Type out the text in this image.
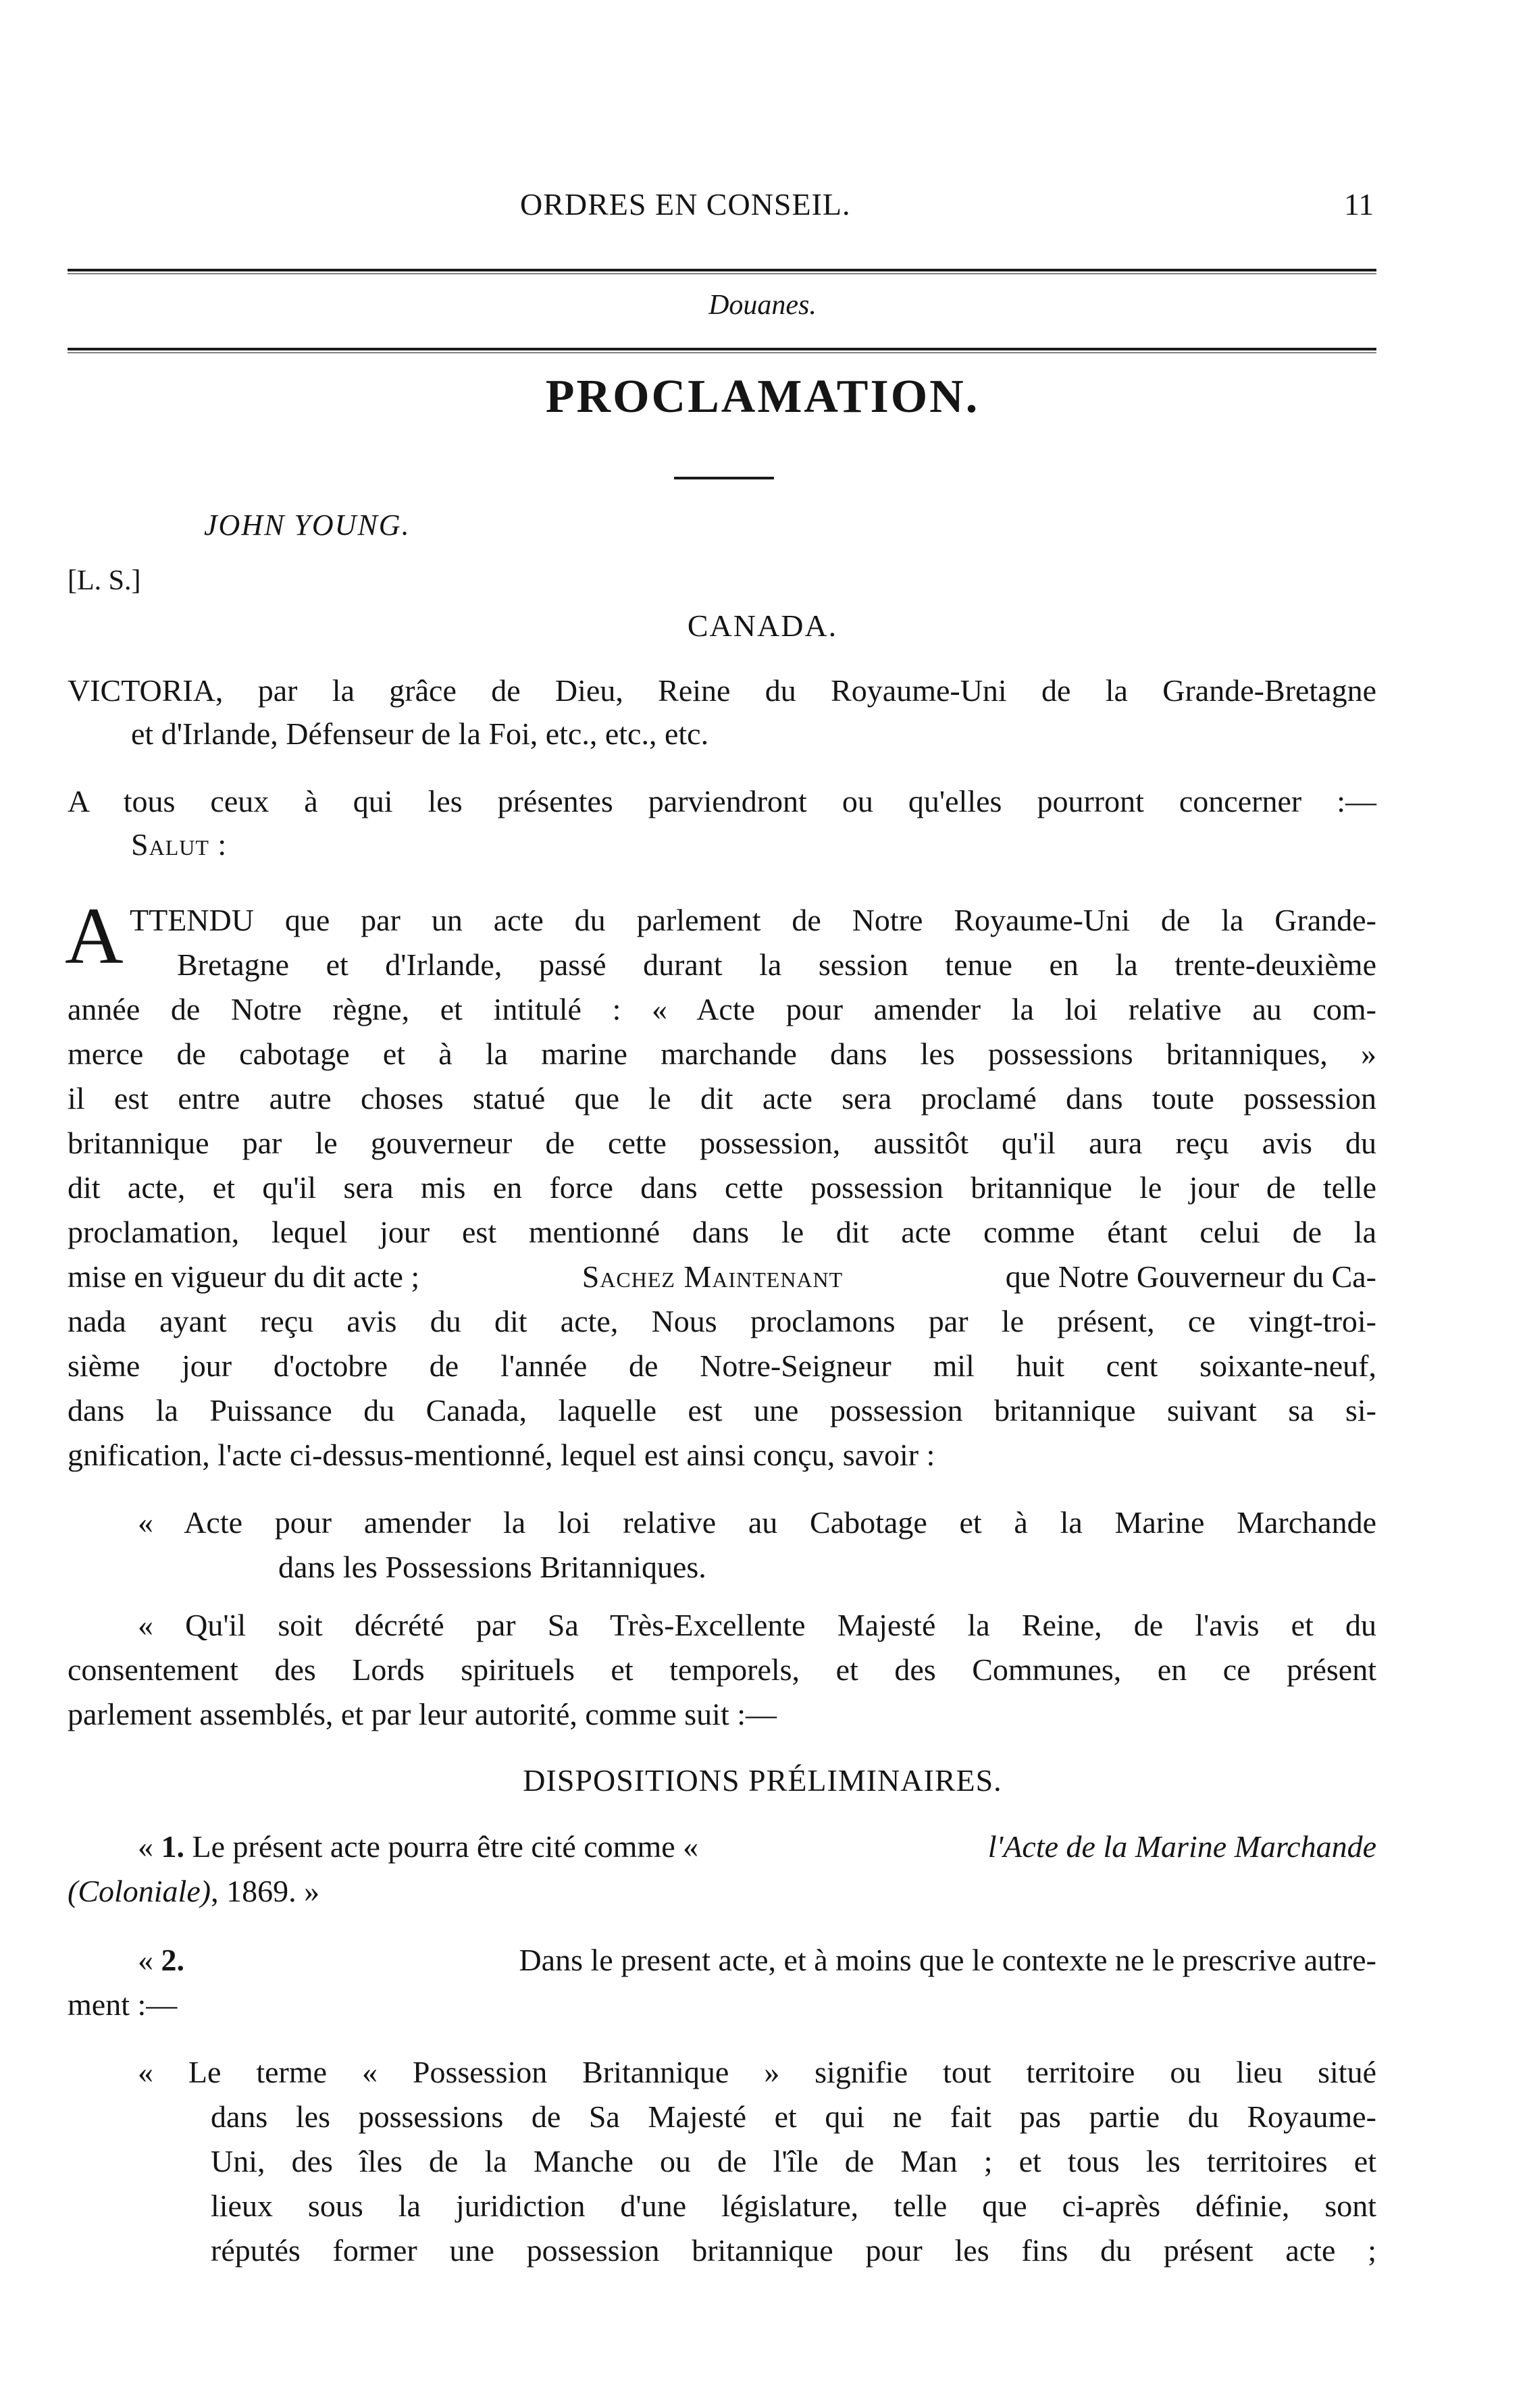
ORDRES EN CONSEIL.	11
Douanes.
PROCLAMATION.
JOHN YOUNG.
[L. S.]
CANADA.
VICTORIA, par la grâce de Dieu, Reine du Royaume-Uni de la Grande-Bretagne
et d'Irlande, Défenseur de la Foi, etc., etc., etc.
A tous ceux à qui les présentes parviendront ou qu'elles pourront concerner :—
Salut :
A TTENDU que par un acte du parlement de Notre Royaume-Uni de la Grande-
Bretagne et d'Irlande, passé durant la session tenue en la trente-deuxième
année de Notre règne, et intitulé : « Acte pour amender la loi relative au com-
merce de cabotage et à la marine marchande dans les possessions britanniques, »
il est entre autre choses statué que le dit acte sera proclamé dans toute possession
britannique par le gouverneur de cette possession, aussitôt qu'il aura reçu avis du
dit acte, et qu'il sera mis en force dans cette possession britannique le jour de telle
proclamation, lequel jour est mentionné dans le dit acte comme étant celui de la
mise en vigueur du dit acte ;	Sachez Maintenant	que Notre Gouverneur du Ca-
nada ayant reçu avis du dit acte, Nous proclamons par le présent, ce vingt-troi-
sième jour d'octobre de l'année de Notre-Seigneur mil huit cent soixante-neuf,
dans la Puissance du Canada, laquelle est une possession britannique suivant sa si-
gnification, l'acte ci-dessus-mentionné, lequel est ainsi conçu, savoir :
« Acte pour amender la loi relative au Cabotage et à la Marine Marchande
dans les Possessions Britanniques.
« Qu'il soit décrété par Sa Très-Excellente Majesté la Reine, de l'avis et du
consentement des Lords spirituels et temporels, et des Communes, en ce présent
parlement assemblés, et par leur autorité, comme suit :—
DISPOSITIONS PRÉLIMINAIRES.
« 1. Le présent acte pourra être cité comme «	l'Acte de la Marine Marchande
(Coloniale), 1869. »
« 2.	Dans le present acte, et à moins que le contexte ne le prescrive autre-
ment :—
« Le terme « Possession Britannique » signifie tout territoire ou lieu situé
dans les possessions de Sa Majesté et qui ne fait pas partie du Royaume-
Uni, des îles de la Manche ou de l'île de Man ; et tous les territoires et
lieux sous la juridiction d'une législature, telle que ci-après définie, sont
réputés former une possession britannique pour les fins du présent acte ;
